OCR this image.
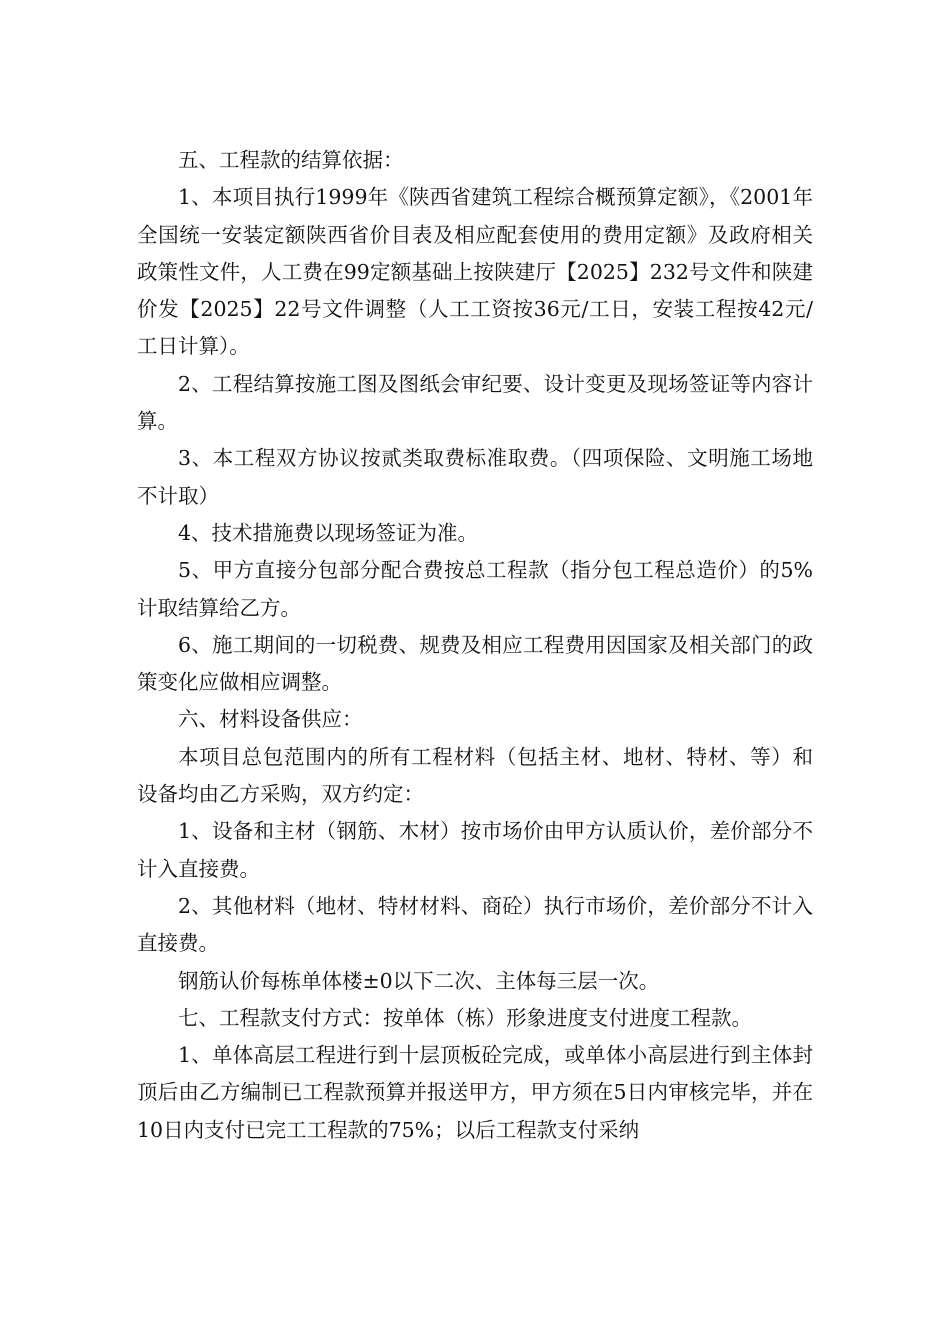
五、工程款的结算依据：

1、本项目执行1999年《陕西省建筑工程综合概预算定额》，《2001年全国统一安装定额陕西省价目表及相应配套使用的费用定额》及政府相关政策性文件，人工费在99定额基础上按陕建厅【2025】232号文件和陕建价发【2025】22号文件调整（人工工资按36元/工日，安装工程按42元/工日计算）。

2、工程结算按施工图及图纸会审纪要、设计变更及现场签证等内容计算。

3、本工程双方协议按贰类取费标准取费。（四项保险、文明施工场地不计取）

4、技术措施费以现场签证为准。

5、甲方直接分包部分配合费按总工程款（指分包工程总造价）的5%计取结算给乙方。

6、施工期间的一切税费、规费及相应工程费用因国家及相关部门的政策变化应做相应调整。

六、材料设备供应：

本项目总包范围内的所有工程材料（包括主材、地材、特材、等）和设备均由乙方采购，双方约定：

1、设备和主材（钢筋、木材）按市场价由甲方认质认价，差价部分不计入直接费。

2、其他材料（地材、特材材料、商砼）执行市场价，差价部分不计入直接费。

钢筋认价每栋单体楼±0以下二次、主体每三层一次。

七、工程款支付方式：按单体（栋）形象进度支付进度工程款。

1、单体高层工程进行到十层顶板砼完成，或单体小高层进行到主体封顶后由乙方编制已工程款预算并报送甲方，甲方须在5日内审核完毕，并在10日内支付已完工工程款的75%；以后工程款支付采纳
